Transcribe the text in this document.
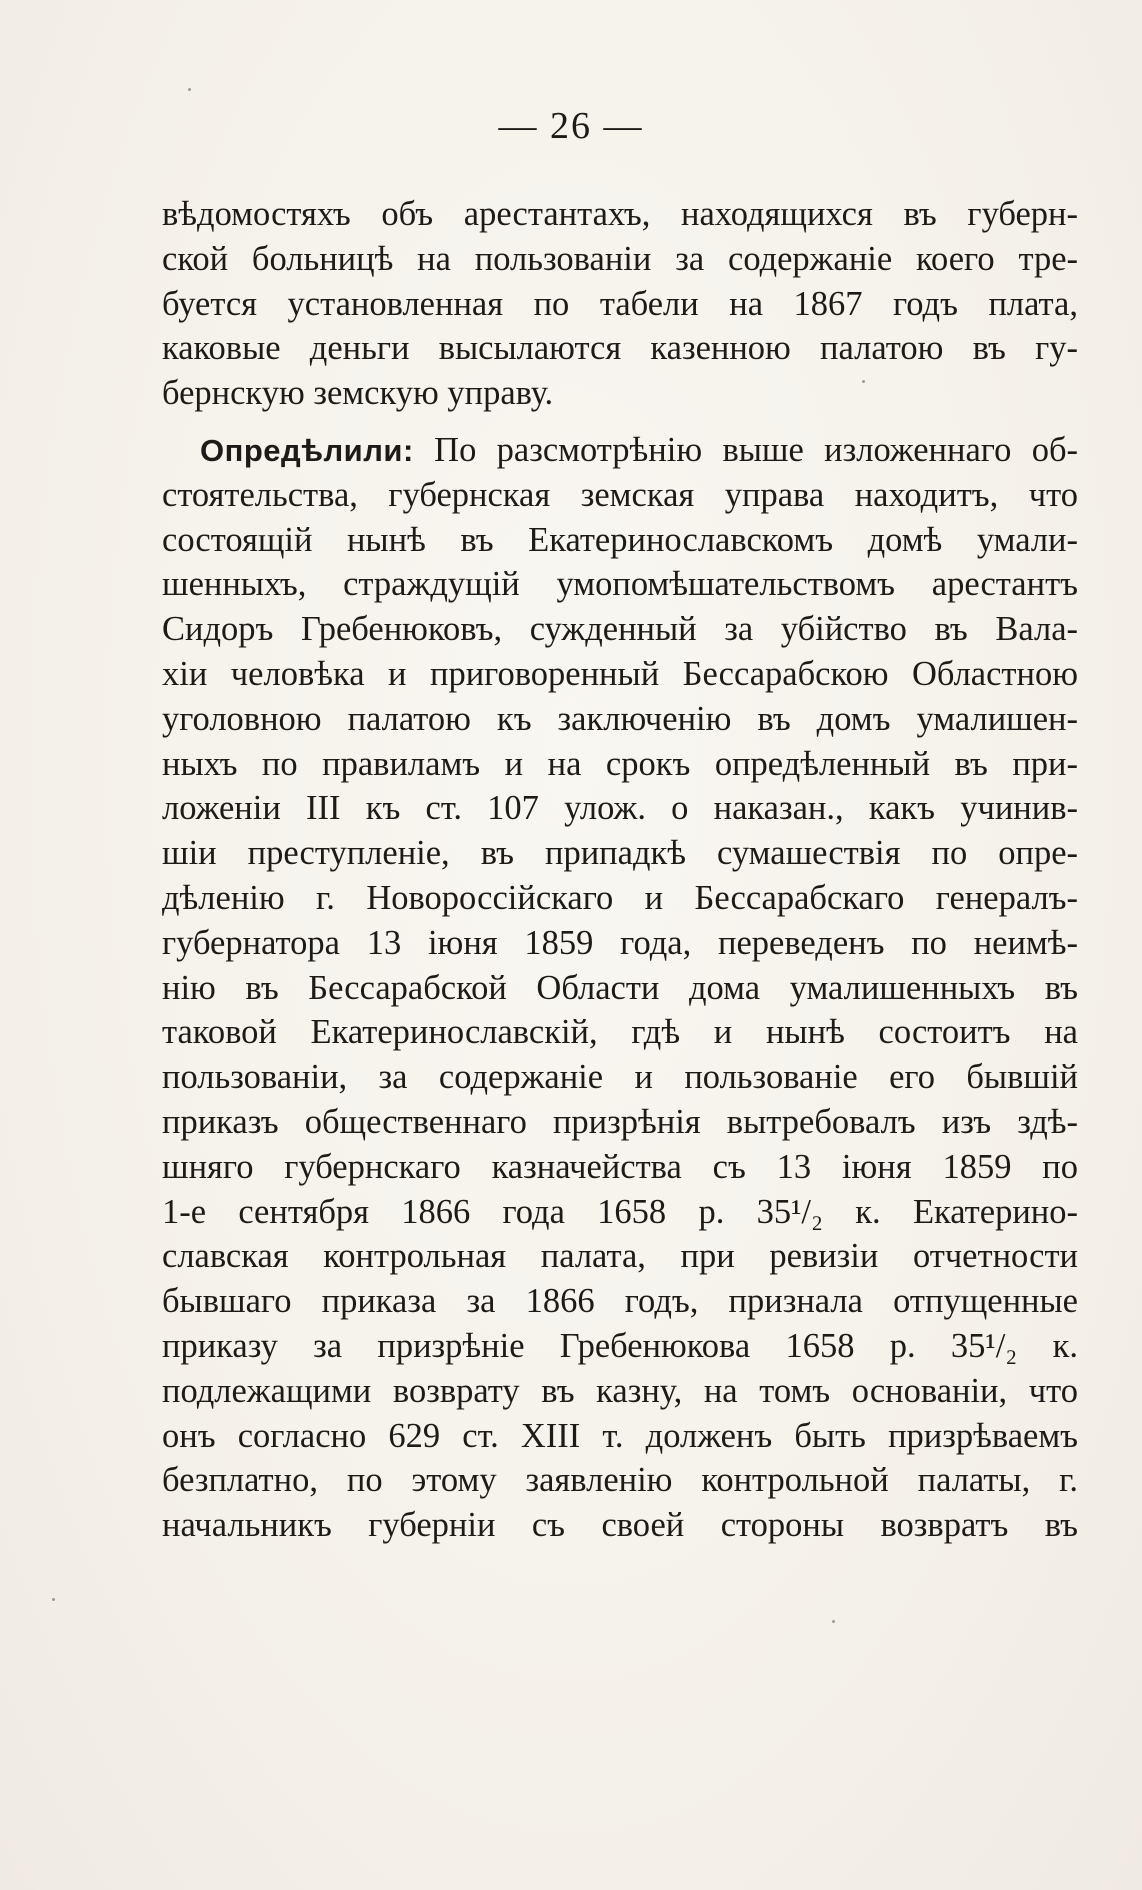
— 26 —
вѣдомостяхъ объ арестантахъ, находящихся въ губерн-
ской больницѣ на пользованіи за содержаніе коего тре-
буется установленная по табели на 1867 годъ плата,
каковые деньги высылаются казенною палатою въ гу-
бернскую земскую управу.
Опредѣлили: По разсмотрѣнію выше изложеннаго об-
стоятельства, губернская земская управа находитъ, что
состоящій нынѣ въ Екатеринославскомъ домѣ умали-
шенныхъ, страждущій умопомѣшательствомъ арестантъ
Сидоръ Гребенюковъ, сужденный за убійство въ Вала-
хіи человѣка и приговоренный Бессарабскою Областною
уголовною палатою къ заключенію въ домъ умалишен-
ныхъ по правиламъ и на срокъ опредѣленный въ при-
ложеніи III къ ст. 107 улож. о наказан., какъ учинив-
шіи преступленіе, въ припадкѣ сумашествія по опре-
дѣленію г. Новороссійскаго и Бессарабскаго генералъ-
губернатора 13 іюня 1859 года, переведенъ по неимѣ-
нію въ Бессарабской Области дома умалишенныхъ въ
таковой Екатеринославскій, гдѣ и нынѣ состоитъ на
пользованіи, за содержаніе и пользованіе его бывшій
приказъ общественнаго призрѣнія вытребовалъ изъ здѣ-
шняго губернскаго казначейства съ 13 іюня 1859 по
1-е сентября 1866 года 1658 р. 35¹/₂ к. Екатерино-
славская контрольная палата, при ревизіи отчетности
бывшаго приказа за 1866 годъ, признала отпущенные
приказу за призрѣніе Гребенюкова 1658 р. 35¹/₂ к.
подлежащими возврату въ казну, на томъ основаніи, что
онъ согласно 629 ст. XIII т. долженъ быть призрѣваемъ
безплатно, по этому заявленію контрольной палаты, г.
начальникъ губерніи съ своей стороны возвратъ въ
